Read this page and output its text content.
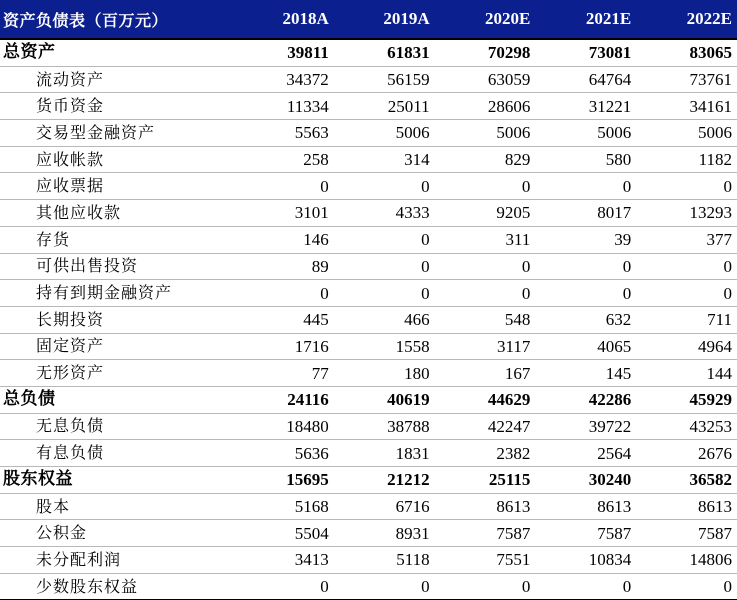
资产负债表（百万元）	2018A	2019A	2020E	2021E	2022E
总资产	39811	61831	70298	73081	83065
流动资产	34372	56159	63059	64764	73761
货币资金	11334	25011	28606	31221	34161
交易型金融资产	5563	5006	5006	5006	5006
应收帐款	258	314	829	580	1182
应收票据	0	0	0	0	0
其他应收款	3101	4333	9205	8017	13293
存货	146	0	311	39	377
可供出售投资	89	0	0	0	0
持有到期金融资产	0	0	0	0	0
长期投资	445	466	548	632	711
固定资产	1716	1558	3117	4065	4964
无形资产	77	180	167	145	144
总负债	24116	40619	44629	42286	45929
无息负债	18480	38788	42247	39722	43253
有息负债	5636	1831	2382	2564	2676
股东权益	15695	21212	25115	30240	36582
股本	5168	6716	8613	8613	8613
公积金	5504	8931	7587	7587	7587
未分配利润	3413	5118	7551	10834	14806
少数股东权益	0	0	0	0	0
